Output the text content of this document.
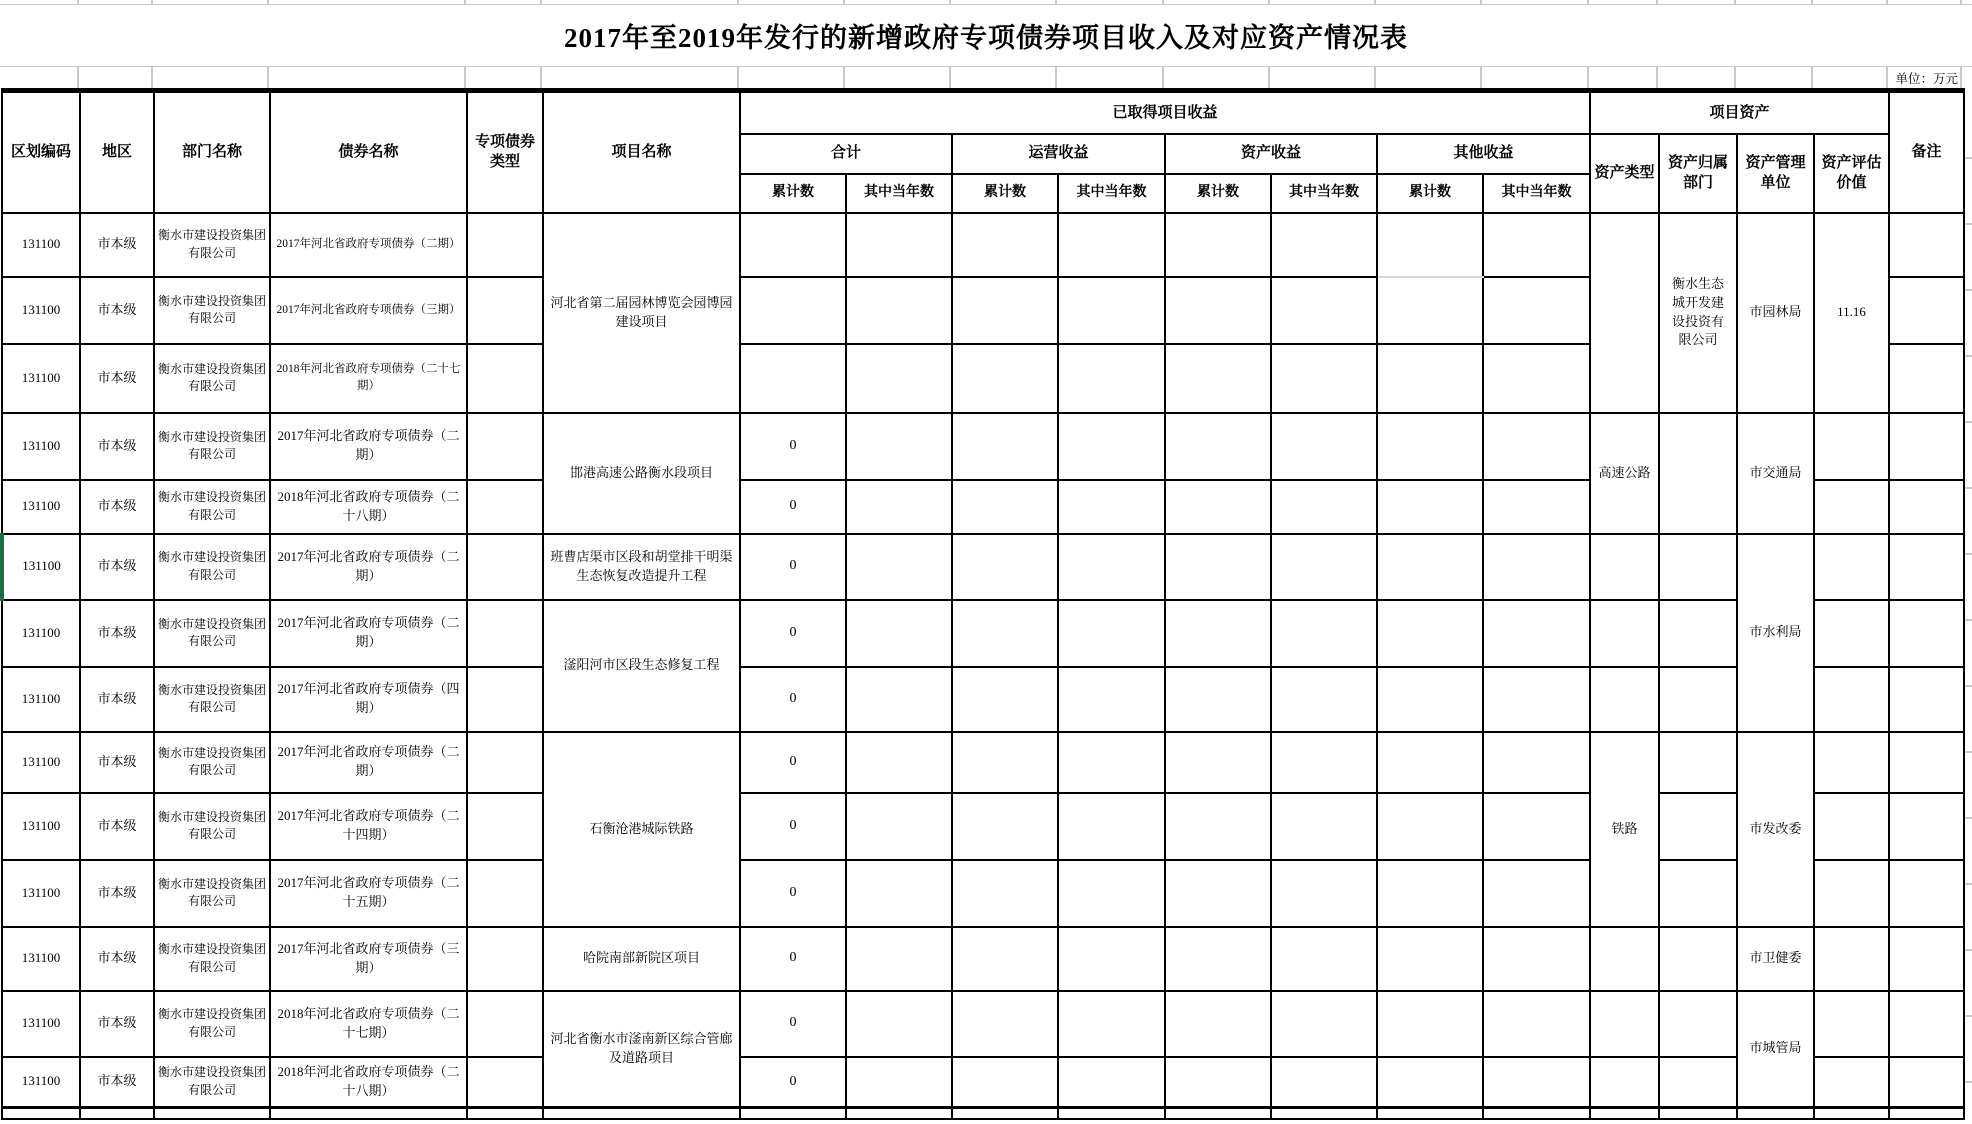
2017年至2019年发行的新增政府专项债券项目收入及对应资产情况表
单位：万元
区划编码	地区	部门名称	债券名称	专项债券类型	项目名称	已取得项目收益								项目资产				备注
						合计		运营收益		资产收益		其他收益		资产类型	资产归属部门	资产管理单位	资产评估价值	
						累计数	其中当年数	累计数	其中当年数	累计数	其中当年数	累计数	其中当年数					
131100	市本级	衡水市建设投资集团有限公司	2017年河北省政府专项债券（二期）		河北省第二届园林博览会园博园建设项目										衡水生态城开发建设投资有限公司	市园林局	11.16	
131100	市本级	衡水市建设投资集团有限公司	2017年河北省政府专项债券（三期）															
131100	市本级	衡水市建设投资集团有限公司	2018年河北省政府专项债券（二十七期）															
131100	市本级	衡水市建设投资集团有限公司	2017年河北省政府专项债券（二期）		邯港高速公路衡水段项目	0								高速公路		市交通局		
131100	市本级	衡水市建设投资集团有限公司	2018年河北省政府专项债券（二十八期）			0												
131100	市本级	衡水市建设投资集团有限公司	2017年河北省政府专项债券（二期）		班曹店渠市区段和胡堂排干明渠生态恢复改造提升工程	0										市水利局		
131100	市本级	衡水市建设投资集团有限公司	2017年河北省政府专项债券（二期）		滏阳河市区段生态修复工程	0												
131100	市本级	衡水市建设投资集团有限公司	2017年河北省政府专项债券（四期）			0												
131100	市本级	衡水市建设投资集团有限公司	2017年河北省政府专项债券（二期）		石衡沧港城际铁路	0								铁路		市发改委		
131100	市本级	衡水市建设投资集团有限公司	2017年河北省政府专项债券（二十四期）			0												
131100	市本级	衡水市建设投资集团有限公司	2017年河北省政府专项债券（二十五期）			0												
131100	市本级	衡水市建设投资集团有限公司	2017年河北省政府专项债券（三期）		哈院南部新院区项目	0										市卫健委		
131100	市本级	衡水市建设投资集团有限公司	2018年河北省政府专项债券（二十七期）		河北省衡水市滏南新区综合管廊及道路项目	0										市城管局		
131100	市本级	衡水市建设投资集团有限公司	2018年河北省政府专项债券（二十八期）			0												
